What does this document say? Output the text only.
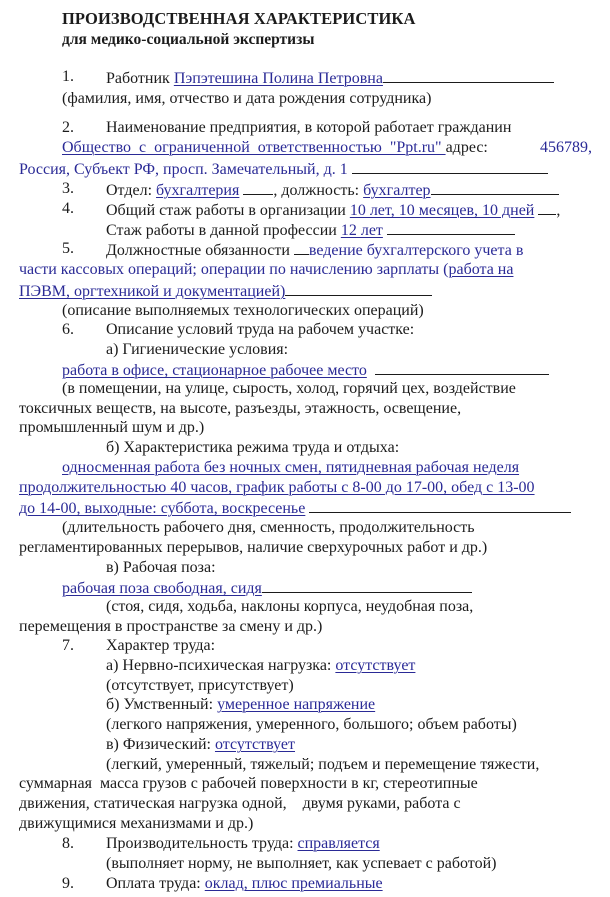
ПРОИЗВОДСТВЕННАЯ ХАРАКТЕРИСТИКА
для медико-социальной экспертизы
1. Работник Пэпэтешина Полина Петровна
(фамилия, имя, отчество и дата рождения сотрудника)
2. Наименование предприятия, в которой работает гражданин
Общество  с  ограниченной  ответственностью  "Ppt.ru" адрес:	456789,
Россия, Субъект РФ, просп. Замечательный, д. 1
3. Отдел: бухгалтерия , должность: бухгалтер
4. Общий стаж работы в организации 10 лет, 10 месяцев, 10 дней ,
Стаж работы в данной профессии 12 лет
5. Должностные обязанности ведение бухгалтерского учета в
части кассовых операций; операции по начислению зарплаты (работа на
ПЭВМ, оргтехникой и документацией)
(описание выполняемых технологических операций)
6. Описание условий труда на рабочем участке:
а) Гигиенические условия:
работа в офисе, стационарное рабочее место
(в помещении, на улице, сырость, холод, горячий цех, воздействие
токсичных веществ, на высоте, разъезды, этажность, освещение,
промышленный шум и др.)
б) Характеристика режима труда и отдыха:
односменная работа без ночных смен, пятидневная рабочая неделя
продолжительностью 40 часов, график работы с 8-00 до 17-00, обед с 13-00
до 14-00, выходные: суббота, воскресенье
(длительность рабочего дня, сменность, продолжительность
регламентированных перерывов, наличие сверхурочных работ и др.)
в) Рабочая поза:
рабочая поза свободная, сидя
(стоя, сидя, ходьба, наклоны корпуса, неудобная поза,
перемещения в пространстве за смену и др.)
7. Характер труда:
а) Нервно-психическая нагрузка: отсутствует
(отсутствует, присутствует)
б) Умственный: умеренное напряжение
(легкого напряжения, умеренного, большого; объем работы)
в) Физический: отсутствует
(легкий, умеренный, тяжелый; подъем и перемещение тяжести,
суммарная  масса грузов с рабочей поверхности в кг, стереотипные
движения, статическая нагрузка одной,    двумя руками, работа с
движущимися механизмами и др.)
8. Производительность труда: справляется
(выполняет норму, не выполняет, как успевает с работой)
9. Оплата труда: оклад, плюс премиальные
